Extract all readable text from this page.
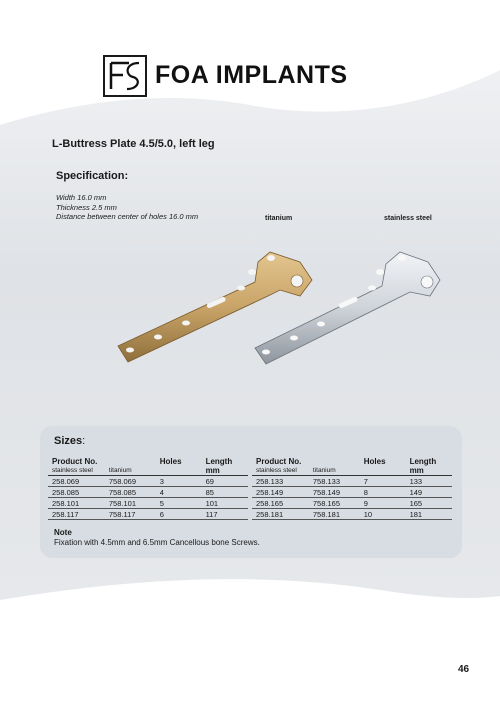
FOA IMPLANTS
L-Buttress Plate 4.5/5.0, left leg
Specification:
Width 16.0 mm
Thickness 2.5 mm
Distance between center of holes 16.0 mm	titanium	stainless steel
Sizes:
Product No.		Holes	Length
stainless steel	titanium		mm
258.069	758.069	3	69
258.085	758.085	4	85
258.101	758.101	5	101
258.117	758.117	6	117
Product No.		Holes	Length
stainless steel	titanium		mm
258.133	758.133	7	133
258.149	758.149	8	149
258.165	758.165	9	165
258.181	758.181	10	181
Note
Fixation with 4.5mm and 6.5mm Cancellous bone Screws.
46
